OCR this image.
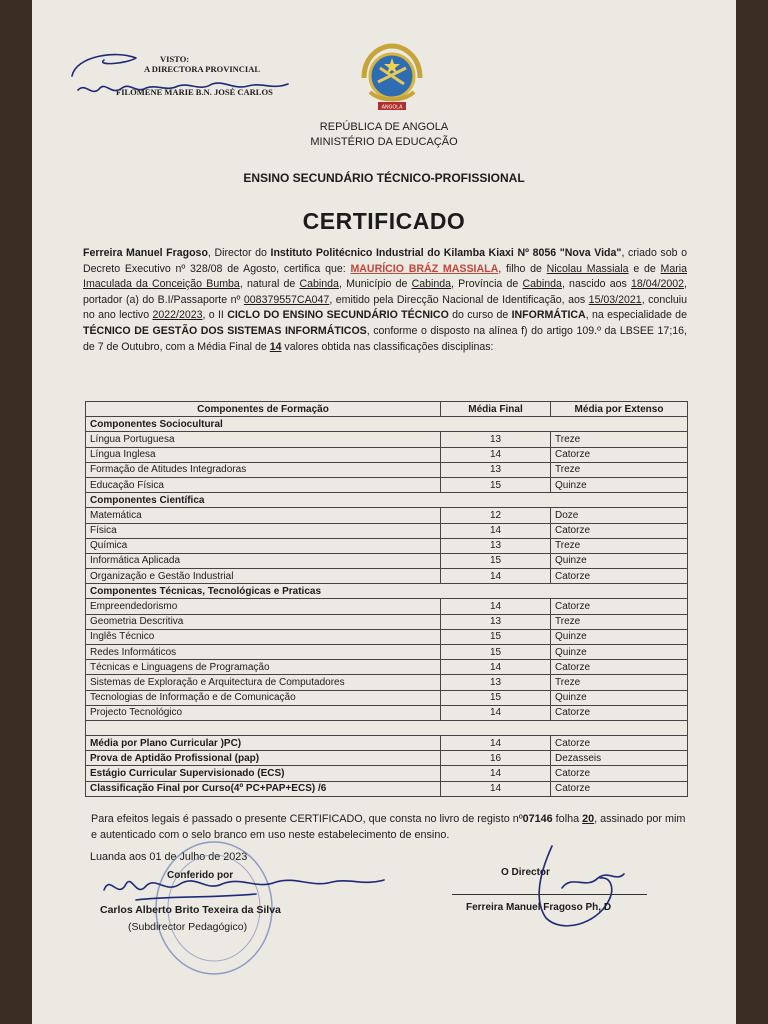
VISTO:
A DIRECTORA PROVINCIAL
FILOMENE MARIE B.N. JOSÉ CARLOS
ANGOLA
REPÚBLICA DE ANGOLA
MINISTÉRIO DA EDUCAÇÃO
ENSINO SECUNDÁRIO TÉCNICO-PROFISSIONAL
CERTIFICADO
Ferreira Manuel Fragoso, Director do Instituto Politécnico Industrial do Kilamba Kiaxi Nº 8056 "Nova Vida", criado sob o Decreto Executivo nº 328/08 de Agosto, certifica que: MAURÍCIO BRÁZ MASSIALA, filho de Nicolau Massiala e de Maria Imaculada da Conceição Bumba, natural de Cabinda, Município de Cabinda, Província de Cabinda, nascido aos 18/04/2002, portador (a) do B.I/Passaporte nº 008379557CA047, emitido pela Direcção Nacional de Identificação, aos 15/03/2021, concluiu no ano lectivo 2022/2023, o II CICLO DO ENSINO SECUNDÁRIO TÉCNICO do curso de INFORMÁTICA, na especialidade de TÉCNICO DE GESTÃO DOS SISTEMAS INFORMÁTICOS, conforme o disposto na alínea f) do artigo 109.º da LBSEE 17;16, de 7 de Outubro, com a Média Final de 14 valores obtida nas classificações disciplinas:
Componentes de Formação	Média Final	Média por Extenso
Componentes Sociocultural		
Língua Portuguesa	13	Treze
Língua Inglesa	14	Catorze
Formação de Atitudes Integradoras	13	Treze
Educação Física	15	Quinze
Componentes Científica		
Matemática	12	Doze
Física	14	Catorze
Química	13	Treze
Informática Aplicada	15	Quinze
Organização e Gestão Industrial	14	Catorze
Componentes Técnicas, Tecnológicas e Praticas		
Empreendedorismo	14	Catorze
Geometria Descritiva	13	Treze
Inglês Técnico	15	Quinze
Redes Informáticos	15	Quinze
Técnicas e Linguagens de Programação	14	Catorze
Sistemas de Exploração e Arquitectura de Computadores	13	Treze
Tecnologias de Informação e de Comunicação	15	Quinze
Projecto Tecnológico	14	Catorze

Média por Plano Curricular )PC)	14	Catorze
Prova de Aptidão Profissional (pap)	16	Dezasseis
Estágio Curricular Supervisionado (ECS)	14	Catorze
Classificação Final por Curso(4º PC+PAP+ECS) /6	14	Catorze
Para efeitos legais é passado o presente CERTIFICADO, que consta no livro de registo nº07146 folha 20, assinado por mim e autenticado com o selo branco em uso neste estabelecimento de ensino.
Luanda aos 01 de Julho de 2023
Conferido por
Carlos Alberto Brito Texeira da Silva
(Subdirector Pedagógico)
O Director
Ferreira Manuel Fragoso Ph, D
